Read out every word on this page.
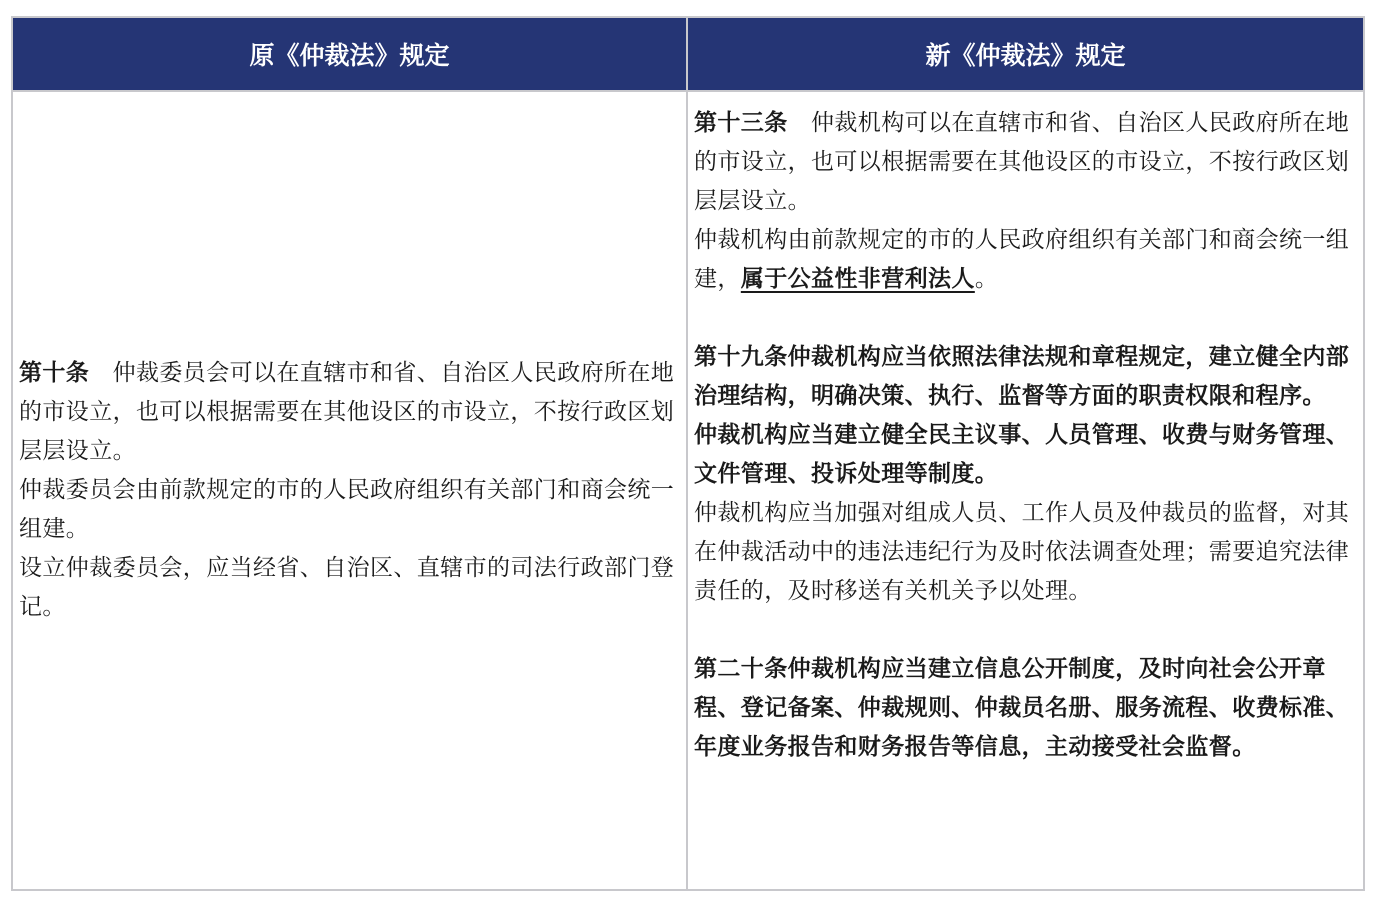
原《仲裁法》规定	新《仲裁法》规定

第十条　仲裁委员会可以在直辖市和省、自治区人民政府所在地的市设立，也可以根据需要在其他设区的市设立，不按行政区划层层设立。

仲裁委员会由前款规定的市的人民政府组织有关部门和商会统一组建。

设立仲裁委员会，应当经省、自治区、直辖市的司法行政部门登记。

第十三条　仲裁机构可以在直辖市和省、自治区人民政府所在地的市设立，也可以根据需要在其他设区的市设立，不按行政区划层层设立。

仲裁机构由前款规定的市的人民政府组织有关部门和商会统一组建，属于公益性非营利法人。

第十九条仲裁机构应当依照法律法规和章程规定，建立健全内部治理结构，明确决策、执行、监督等方面的职责权限和程序。

仲裁机构应当建立健全民主议事、人员管理、收费与财务管理、文件管理、投诉处理等制度。

仲裁机构应当加强对组成人员、工作人员及仲裁员的监督，对其在仲裁活动中的违法违纪行为及时依法调查处理；需要追究法律责任的，及时移送有关机关予以处理。

第二十条仲裁机构应当建立信息公开制度，及时向社会公开章程、登记备案、仲裁规则、仲裁员名册、服务流程、收费标准、年度业务报告和财务报告等信息，主动接受社会监督。
